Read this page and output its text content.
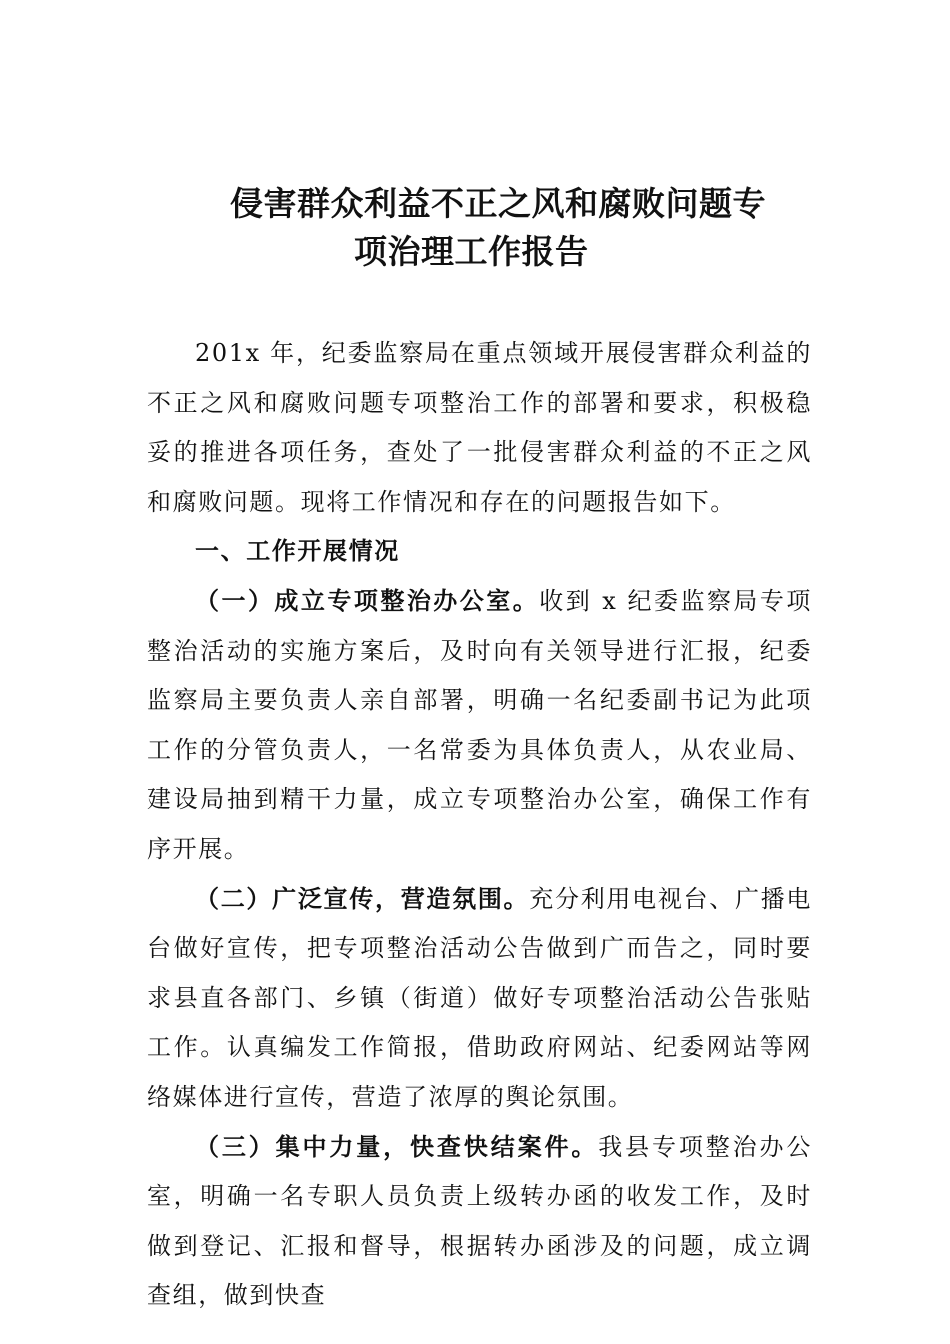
侵害群众利益不正之风和腐败问题专
项治理工作报告

201x 年，纪委监察局在重点领域开展侵害群众利益的不正之风和腐败问题专项整治工作的部署和要求，积极稳妥的推进各项任务，查处了一批侵害群众利益的不正之风和腐败问题。现将工作情况和存在的问题报告如下。

一、工作开展情况

（一）成立专项整治办公室。收到 x 纪委监察局专项整治活动的实施方案后，及时向有关领导进行汇报，纪委监察局主要负责人亲自部署，明确一名纪委副书记为此项工作的分管负责人，一名常委为具体负责人，从农业局、建设局抽到精干力量，成立专项整治办公室，确保工作有序开展。

（二）广泛宣传，营造氛围。充分利用电视台、广播电台做好宣传，把专项整治活动公告做到广而告之，同时要求县直各部门、乡镇（街道）做好专项整治活动公告张贴工作。认真编发工作简报，借助政府网站、纪委网站等网络媒体进行宣传，营造了浓厚的舆论氛围。

（三）集中力量，快查快结案件。我县专项整治办公室，明确一名专职人员负责上级转办函的收发工作，及时做到登记、汇报和督导，根据转办函涉及的问题，成立调查组，做到快查
